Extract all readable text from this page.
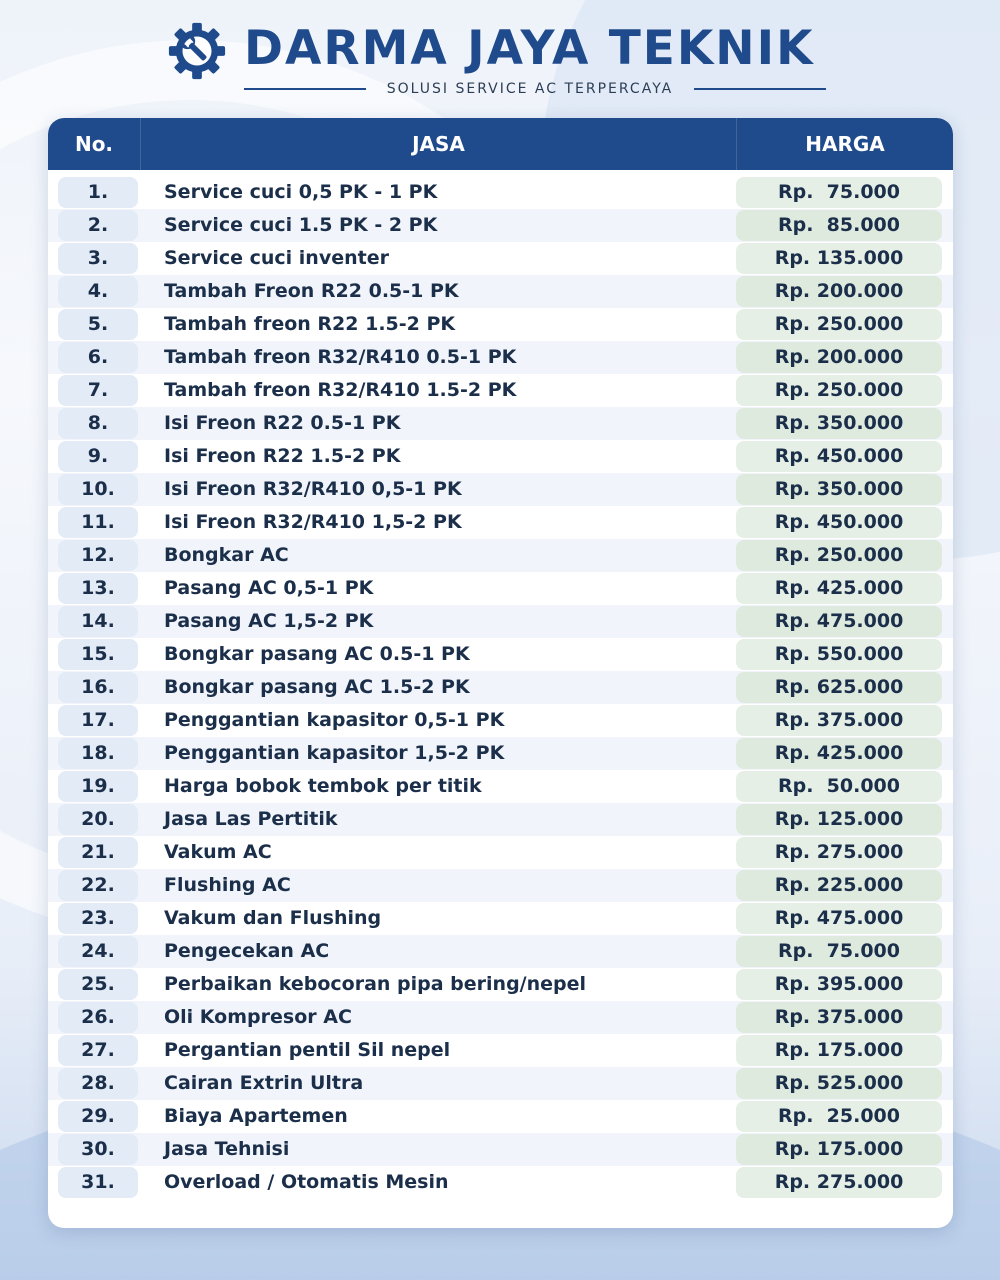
DARMA JAYA TEKNIK
SOLUSI SERVICE AC TERPERCAYA
No.	JASA	HARGA
1.	Service cuci 0,5 PK - 1 PK	Rp.  75.000
2.	Service cuci 1.5 PK - 2 PK	Rp.  85.000
3.	Service cuci inventer	Rp. 135.000
4.	Tambah Freon R22 0.5-1 PK	Rp. 200.000
5.	Tambah freon R22 1.5-2 PK	Rp. 250.000
6.	Tambah freon R32/R410 0.5-1 PK	Rp. 200.000
7.	Tambah freon R32/R410 1.5-2 PK	Rp. 250.000
8.	Isi Freon R22 0.5-1 PK	Rp. 350.000
9.	Isi Freon R22 1.5-2 PK	Rp. 450.000
10.	Isi Freon R32/R410 0,5-1 PK	Rp. 350.000
11.	Isi Freon R32/R410 1,5-2 PK	Rp. 450.000
12.	Bongkar AC	Rp. 250.000
13.	Pasang AC 0,5-1 PK	Rp. 425.000
14.	Pasang AC 1,5-2 PK	Rp. 475.000
15.	Bongkar pasang AC 0.5-1 PK	Rp. 550.000
16.	Bongkar pasang AC 1.5-2 PK	Rp. 625.000
17.	Penggantian kapasitor 0,5-1 PK	Rp. 375.000
18.	Penggantian kapasitor 1,5-2 PK	Rp. 425.000
19.	Harga bobok tembok per titik	Rp.  50.000
20.	Jasa Las Pertitik	Rp. 125.000
21.	Vakum AC	Rp. 275.000
22.	Flushing AC	Rp. 225.000
23.	Vakum dan Flushing	Rp. 475.000
24.	Pengecekan AC	Rp.  75.000
25.	Perbaikan kebocoran pipa bering/nepel	Rp. 395.000
26.	Oli Kompresor AC	Rp. 375.000
27.	Pergantian pentil Sil nepel	Rp. 175.000
28.	Cairan Extrin Ultra	Rp. 525.000
29.	Biaya Apartemen	Rp.  25.000
30.	Jasa Tehnisi	Rp. 175.000
31.	Overload / Otomatis Mesin	Rp. 275.000
